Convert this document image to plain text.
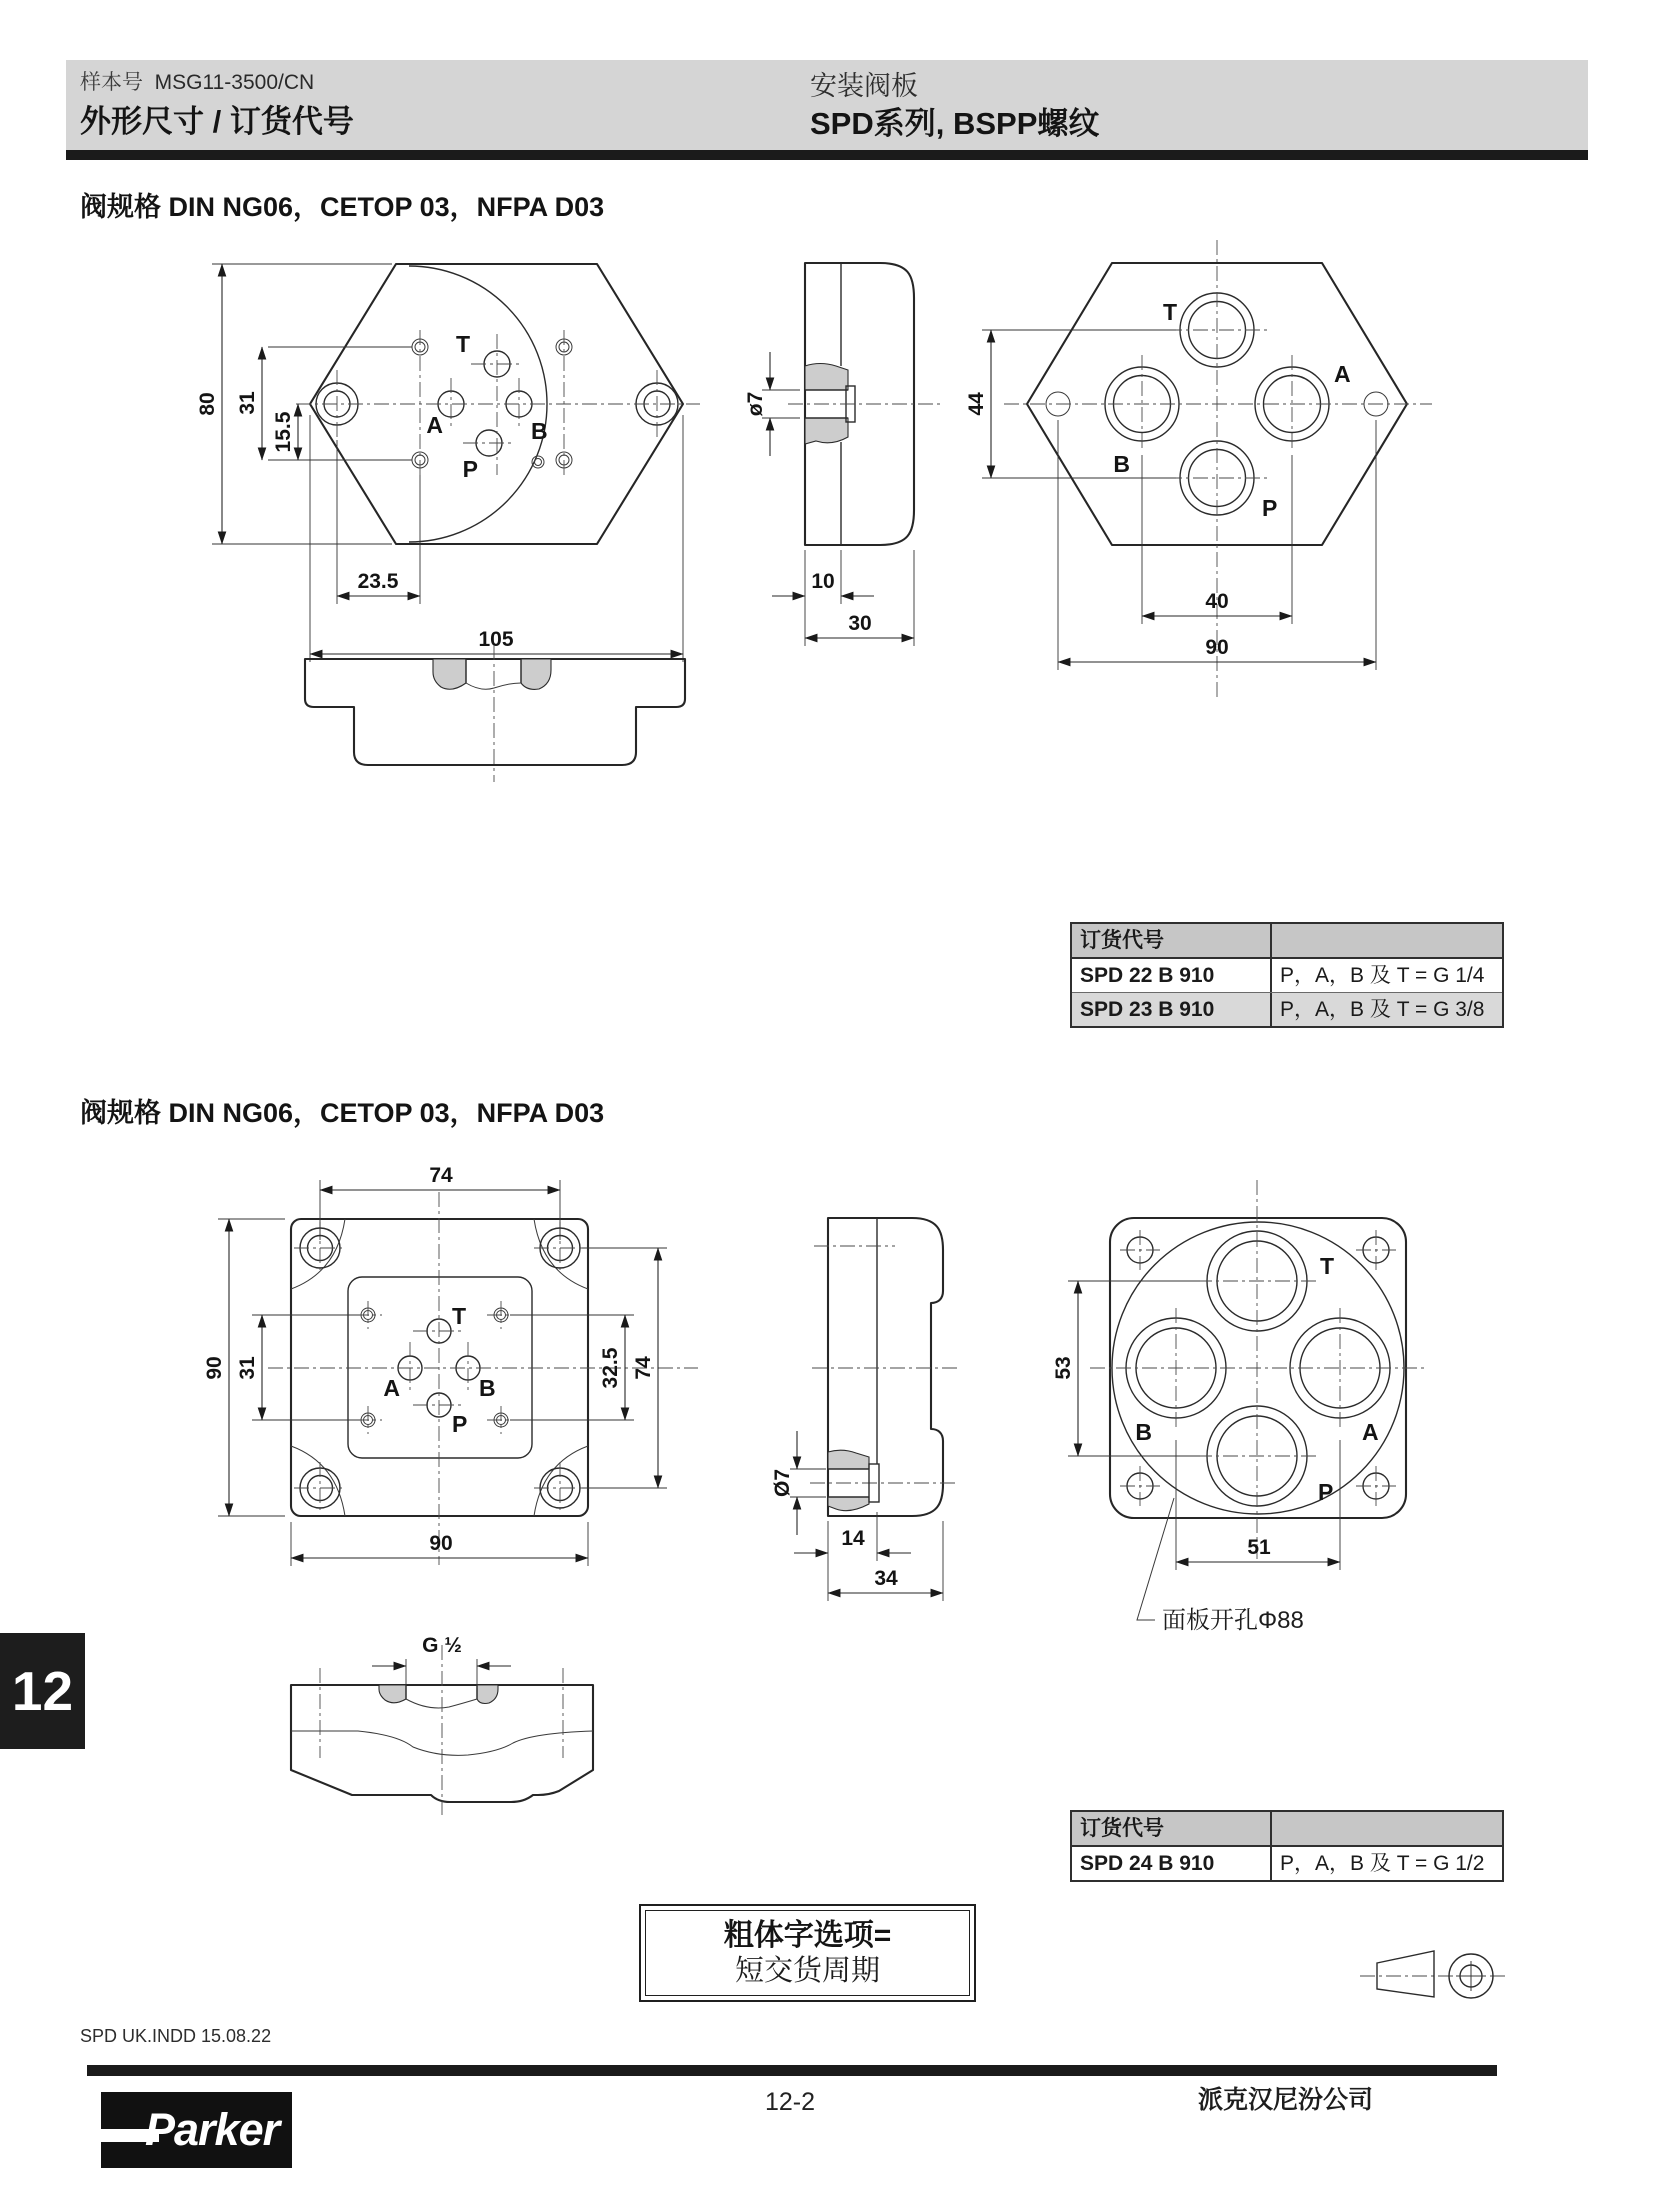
样本号 MSG11-3500/CN
外形尺寸 / 订货代号
安装阀板
SPD系列, BSPP螺纹
阀规格 DIN NG06，CETOP 03，NFPA D03
阀规格 DIN NG06，CETOP 03，NFPA D03
T
A	B
P
80 31
15.5
23.5
105
ø7
10
30
T
A
B
P
44
40
90
订货代号
SPD 22 B 910	P，A，B 及 T = G 1/4
SPD 23 B 910	P，A，B 及 T = G 3/8
T
A	B
P
74
90 31	32.5 74
90
Ø7
14
34
T
B	A
P
53
51
面板开孔Φ88
G ½
订货代号
SPD 24 B 910	P，A，B 及 T = G 1/2
粗体字选项=
短交货周期
12
SPD UK.INDD 15.08.22
Parker
12-2	派克汉尼汾公司
